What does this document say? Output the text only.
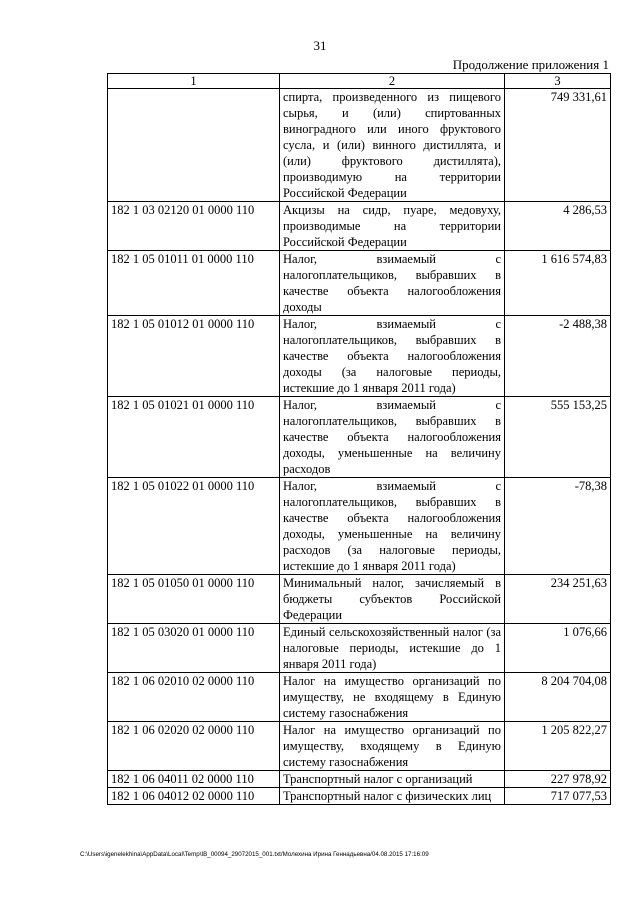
31
Продолжение приложения 1
1	2	3
	спирта, произведенного из пищевого сырья, и (или) спиртованных виноградного или иного фруктового сусла, и (или) винного дистиллята, и (или) фруктового дистиллята), производимую на территории Российской Федерации	749 331,61
182 1 03 02120 01 0000 110	Акцизы на сидр, пуаре, медовуху, производимые на территории Российской Федерации	4 286,53
182 1 05 01011 01 0000 110	Налог, взимаемый с налогоплательщиков, выбравших в качестве объекта налогообложения доходы	1 616 574,83
182 1 05 01012 01 0000 110	Налог, взимаемый с налогоплательщиков, выбравших в качестве объекта налогообложения доходы (за налоговые периоды, истекшие до 1 января 2011 года)	-2 488,38
182 1 05 01021 01 0000 110	Налог, взимаемый с налогоплательщиков, выбравших в качестве объекта налогообложения доходы, уменьшенные на величину расходов	555 153,25
182 1 05 01022 01 0000 110	Налог, взимаемый с налогоплательщиков, выбравших в качестве объекта налогообложения доходы, уменьшенные на величину расходов (за налоговые периоды, истекшие до 1 января 2011 года)	-78,38
182 1 05 01050 01 0000 110	Минимальный налог, зачисляемый в бюджеты субъектов Российской Федерации	234 251,63
182 1 05 03020 01 0000 110	Единый сельскохозяйственный налог (за налоговые периоды, истекшие до 1 января 2011 года)	1 076,66
182 1 06 02010 02 0000 110	Налог на имущество организаций по имуществу, не входящему в Единую систему газоснабжения	8 204 704,08
182 1 06 02020 02 0000 110	Налог на имущество организаций по имуществу, входящему в Единую систему газоснабжения	1 205 822,27
182 1 06 04011 02 0000 110	Транспортный налог с организаций	227 978,92
182 1 06 04012 02 0000 110	Транспортный налог с физических лиц	717 077,53
C:\Users\igenelekhina\AppData\Local\Temp\IB_00094_29072015_001.txt/Молехина Ирина Геннадьевна/04.08.2015 17:16:09
